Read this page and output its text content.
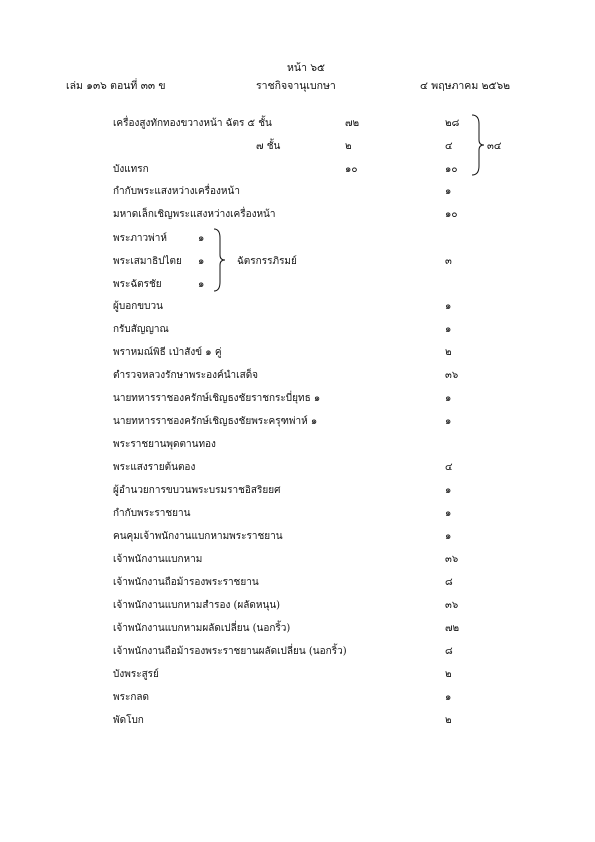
หน้า ๖๕
เล่ม ๑๓๖ ตอนที่ ๓๓ ข	ราชกิจจานุเบกษา	๔ พฤษภาคม ๒๕๖๒
เครื่องสูงทักทองขวางหน้า ฉัตร ๕ ชั้น	๗๒	๒๘
๗ ชั้น	๒	๔	๓๔
บังแทรก	๑๐	๑๐
กำกับพระแสงหว่างเครื่องหน้า	๑
มหาดเล็กเชิญพระแสงหว่างเครื่องหน้า	๑๐
พระภาวพ่าห์	๑
พระเสมาธิปไตย ๑
พระฉัตรชัย	๑
ฉัตรกรรภิรมย์	๓
ผู้บอกขบวน	๑
กรับสัญญาณ	๑
พราหมณ์พิธี เป่าสังข์ ๑ คู่	๒
ตำรวจหลวงรักษาพระองค์นำเสด็จ	๓๖
นายทหารราชองครักษ์เชิญธงชัยราชกระบี่ยุทธ ๑	๑
นายทหารราชองครักษ์เชิญธงชัยพระครุฑพ่าห์ ๑	๑
พระราชยานพุดตานทอง
พระแสงรายต้นตอง	๔
ผู้อำนวยการขบวนพระบรมราชอิสริยยศ	๑
กำกับพระราชยาน	๑
คนคุมเจ้าพนักงานแบกหามพระราชยาน	๑
เจ้าพนักงานแบกหาม	๓๖
เจ้าพนักงานถือม้ารองพระราชยาน	๘
เจ้าพนักงานแบกหามสำรอง (ผลัดหนุน)	๓๖
เจ้าพนักงานแบกหามผลัดเปลี่ยน (นอกริ้ว)	๗๒
เจ้าพนักงานถือม้ารองพระราชยานผลัดเปลี่ยน (นอกริ้ว)	๘
บังพระสูรย์	๒
พระกลด	๑
พัดโบก	๒
